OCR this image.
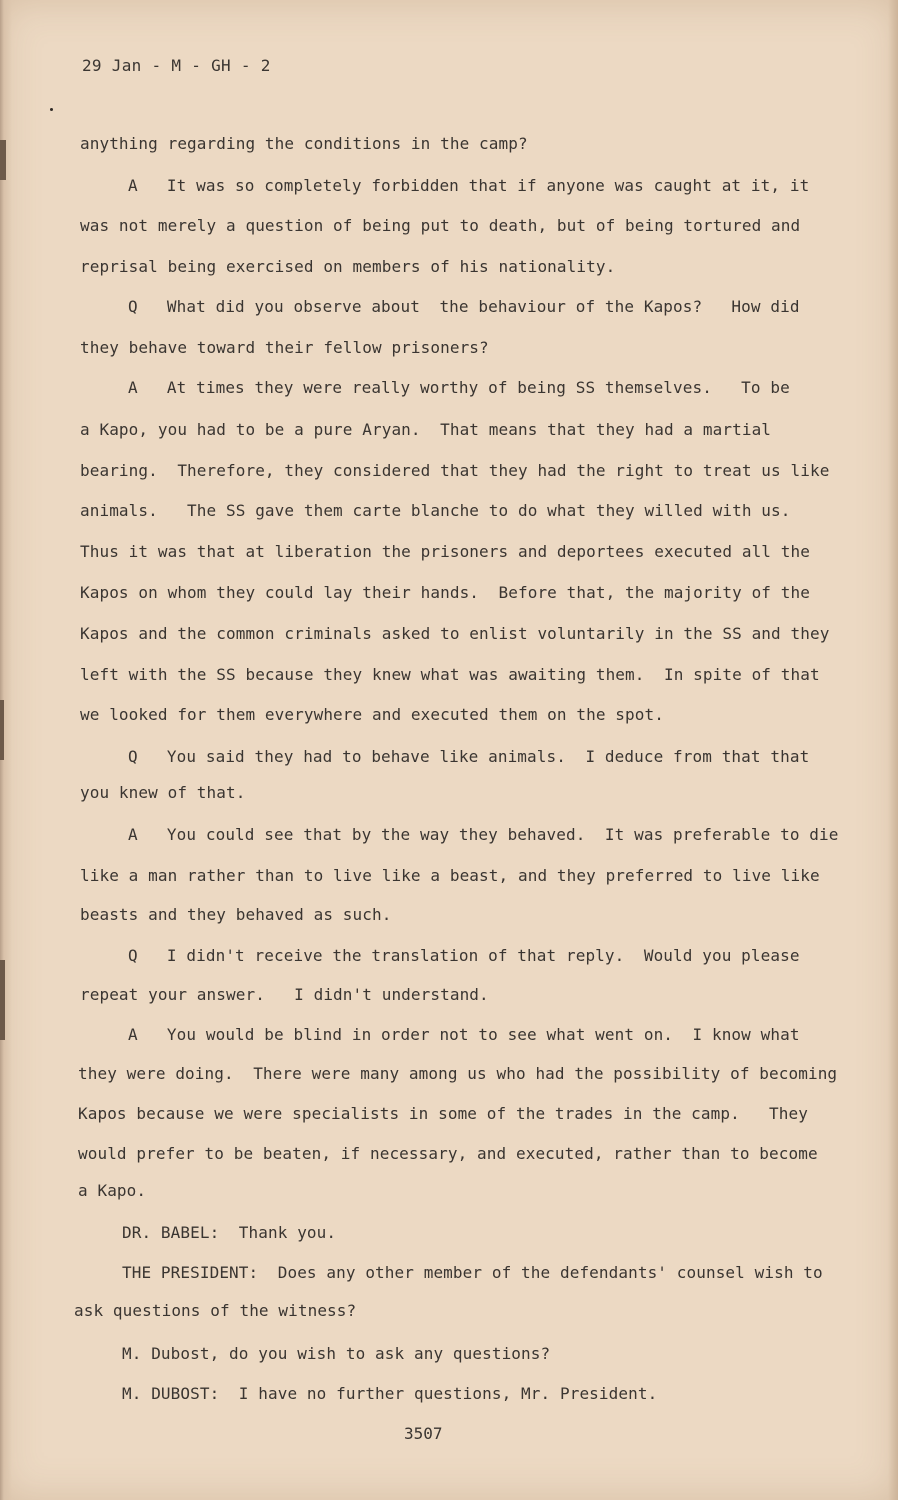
29 Jan - M - GH - 2
anything regarding the conditions in the camp?
A   It was so completely forbidden that if anyone was caught at it, it
was not merely a question of being put to death, but of being tortured and
reprisal being exercised on members of his nationality.
Q   What did you observe about  the behaviour of the Kapos?   How did
they behave toward their fellow prisoners?
A   At times they were really worthy of being SS themselves.   To be
a Kapo, you had to be a pure Aryan.  That means that they had a martial
bearing.  Therefore, they considered that they had the right to treat us like
animals.   The SS gave them carte blanche to do what they willed with us.
Thus it was that at liberation the prisoners and deportees executed all the
Kapos on whom they could lay their hands.  Before that, the majority of the
Kapos and the common criminals asked to enlist voluntarily in the SS and they
left with the SS because they knew what was awaiting them.  In spite of that
we looked for them everywhere and executed them on the spot.
Q   You said they had to behave like animals.  I deduce from that that
you knew of that.
A   You could see that by the way they behaved.  It was preferable to die
like a man rather than to live like a beast, and they preferred to live like
beasts and they behaved as such.
Q   I didn't receive the translation of that reply.  Would you please
repeat your answer.   I didn't understand.
A   You would be blind in order not to see what went on.  I know what
they were doing.  There were many among us who had the possibility of becoming
Kapos because we were specialists in some of the trades in the camp.   They
would prefer to be beaten, if necessary, and executed, rather than to become
a Kapo.
DR. BABEL:  Thank you.
THE PRESIDENT:  Does any other member of the defendants' counsel wish to
ask questions of the witness?
M. Dubost, do you wish to ask any questions?
M. DUBOST:  I have no further questions, Mr. President.
3507
